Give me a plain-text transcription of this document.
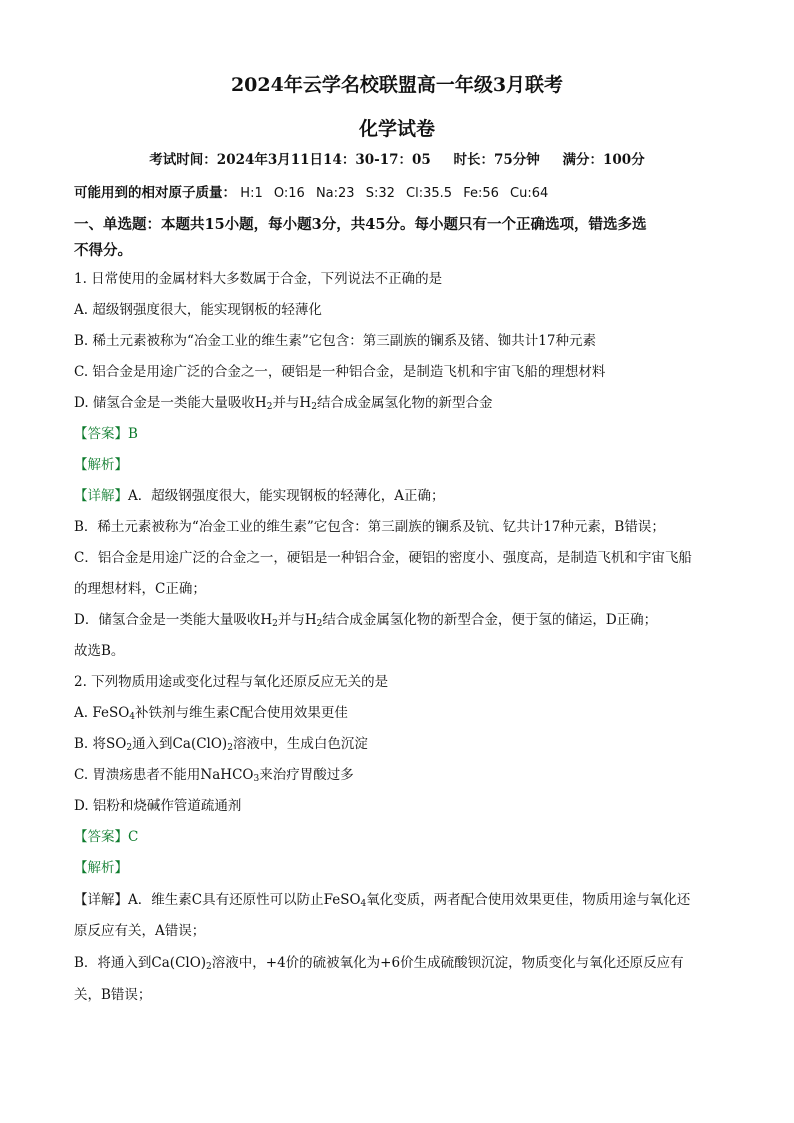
2024年云学名校联盟高一年级3月联考
化学试卷
考试时间：2024年3月11日14：30-17：05 时长：75分钟 满分：100分
可能用到的相对原子质量： H:1 O:16 Na:23 S:32 Cl:35.5 Fe:56 Cu:64
一、单选题：本题共15小题，每小题3分，共45分。每小题只有一个正确选项，错选多选
不得分。
1. 日常使用的金属材料大多数属于合金，下列说法不正确的是
A. 超级钢强度很大，能实现钢板的轻薄化
B. 稀土元素被称为“冶金工业的维生素”它包含：第三副族的镧系及锗、铷共计17种元素
C. 铝合金是用途广泛的合金之一，硬铝是一种铝合金，是制造飞机和宇宙飞船的理想材料
D. 储氢合金是一类能大量吸收$H_2$并与$H_2$结合成金属氢化物的新型合金
【答案】B
【解析】
【详解】A．超级钢强度很大，能实现钢板的轻薄化，A正确；
B．稀土元素被称为“冶金工业的维生素”它包含：第三副族的镧系及钪、钇共计17种元素，B错误；
C．铝合金是用途广泛的合金之一，硬铝是一种铝合金，硬铝的密度小、强度高，是制造飞机和宇宙飞船
的理想材料，C正确；
D．储氢合金是一类能大量吸收$H_2$并与$H_2$结合成金属氢化物的新型合金，便于氢的储运，D正确；
故选B。
2. 下列物质用途或变化过程与氧化还原反应无关的是
A. FeSO$_4$补铁剂与维生素C配合使用效果更佳
B. 将$SO_2$通入到$Ca(ClO)_2$溶液中，生成白色沉淀
C. 胃溃疡患者不能用NaHCO$_3$来治疗胃酸过多
D. 铝粉和烧碱作管道疏通剂
【答案】C
【解析】
【详解】A．维生素C具有还原性可以防止FeSO$_4$氧化变质，两者配合使用效果更佳，物质用途与氧化还
原反应有关，A错误；
B．将通入到$Ca(ClO)_2$溶液中，+4价的硫被氧化为+6价生成硫酸钡沉淀，物质变化与氧化还原反应有
关，B错误；
